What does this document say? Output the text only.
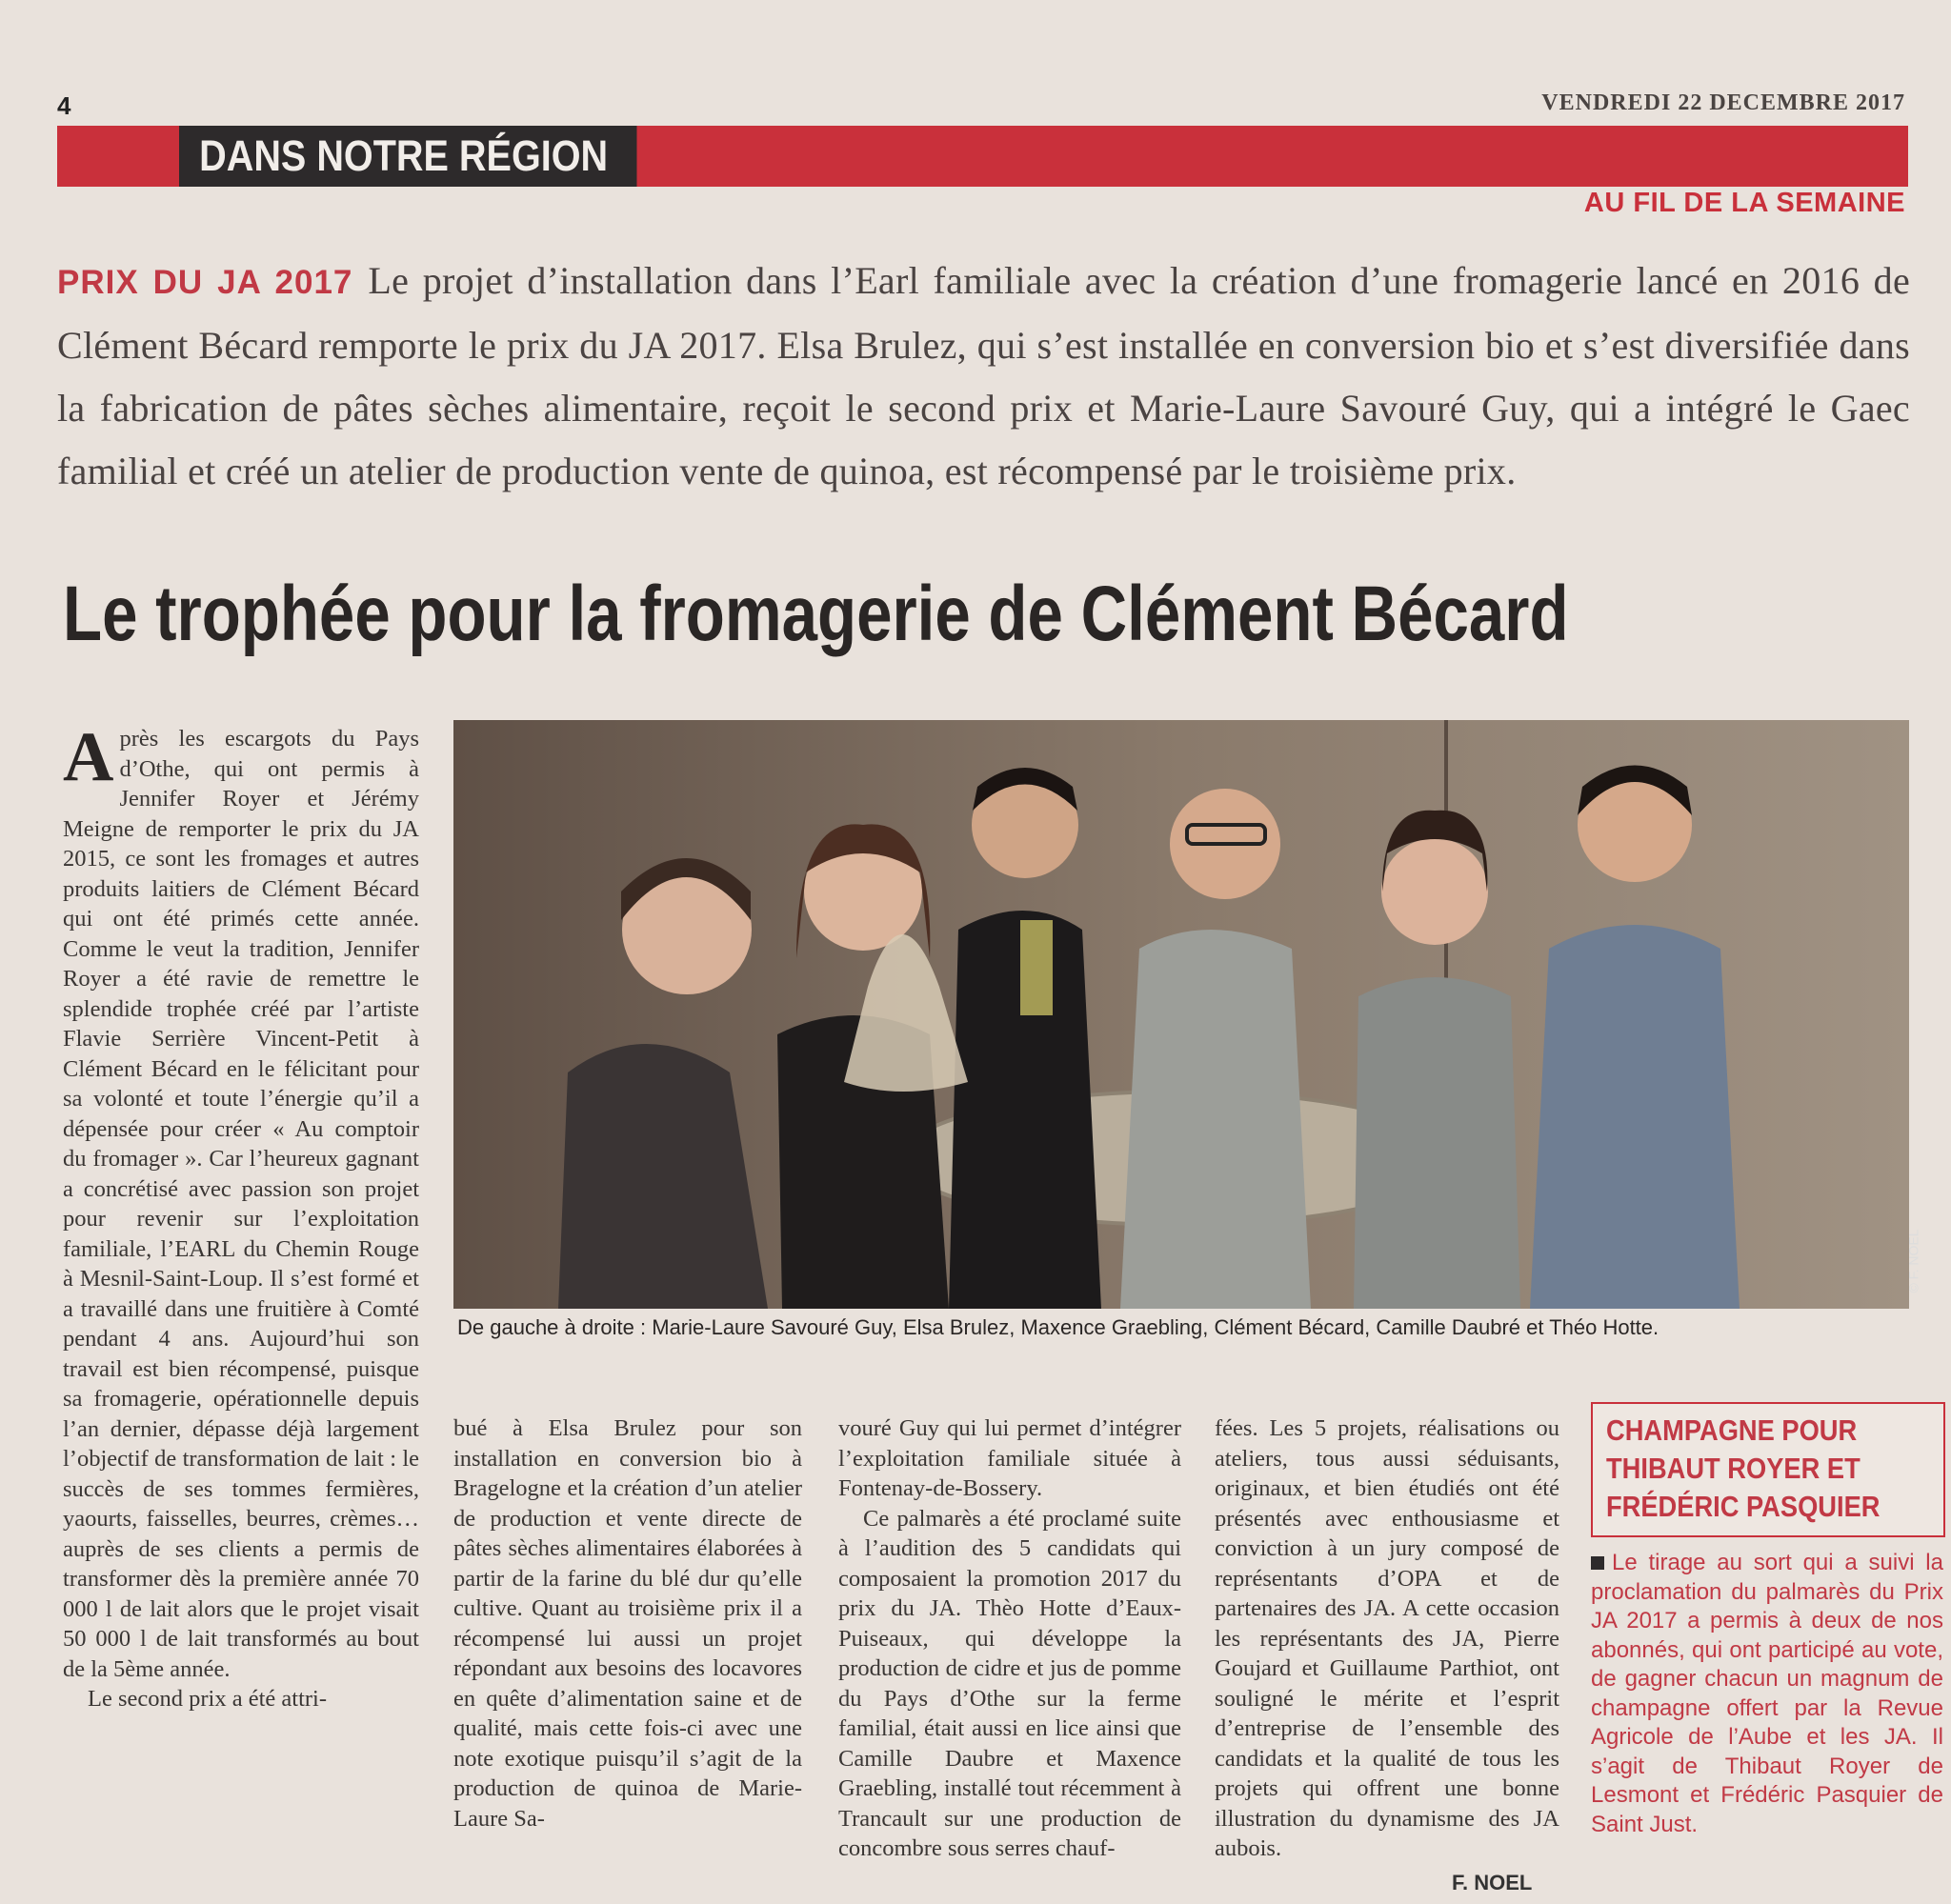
4	VENDREDI 22 DECEMBRE 2017
DANS NOTRE RÉGION
AU FIL DE LA SEMAINE
PRIX DU JA 2017 Le projet d’installation dans l’Earl familiale avec la création d’une fromagerie lancé en 2016 de Clément Bécard remporte le prix du JA 2017. Elsa Brulez, qui s’est installée en conversion bio et s’est diversifiée dans la fabrication de pâtes sèches alimentaire, reçoit le second prix et Marie-Laure Savouré Guy, qui a intégré le Gaec familial et créé un atelier de production vente de quinoa, est récompensé par le troisième prix.
Le trophée pour la fromagerie de Clément Bécard
© F. NOEL
De gauche à droite : Marie-Laure Savouré Guy, Elsa Brulez, Maxence Graebling, Clément Bécard, Camille Daubré et Théo Hotte.
A près les escargots du Pays d’Othe, qui ont permis à Jennifer Royer et Jérémy Meigne de remporter le prix du JA 2015, ce sont les fromages et autres produits laitiers de Clément Bécard qui ont été primés cette année. Comme le veut la tradition, Jennifer Royer a été ravie de remettre le splendide trophée créé par l’artiste Flavie Serrière Vincent-Petit à Clément Bécard en le félicitant pour sa volonté et toute l’énergie qu’il a dépensée pour créer « Au comptoir du fromager ». Car l’heureux gagnant a concrétisé avec passion son projet pour revenir sur l’exploitation familiale, l’EARL du Chemin Rouge à Mesnil-Saint-Loup. Il s’est formé et a travaillé dans une fruitière à Comté pendant 4 ans. Aujourd’hui son travail est bien récompensé, puisque sa fromagerie, opérationnelle depuis l’an dernier, dépasse déjà largement l’objectif de transformation de lait : le succès de ses tommes fermières, yaourts, faisselles, beurres, crèmes… auprès de ses clients a permis de transformer dès la première année 70 000 l de lait alors que le projet visait 50 000 l de lait transformés au bout de la 5ème année.

Le second prix a été attri-

bué à Elsa Brulez pour son installation en conversion bio à Bragelogne et la création d’un atelier de production et vente directe de pâtes sèches alimentaires élaborées à partir de la farine du blé dur qu’elle cultive. Quant au troisième prix il a récompensé lui aussi un projet répondant aux besoins des locavores en quête d’alimentation saine et de qualité, mais cette fois-ci avec une note exotique puisqu’il s’agit de la production de quinoa de Marie-Laure Sa-

vouré Guy qui lui permet d’intégrer l’exploitation familiale située à Fontenay-de-Bossery.

Ce palmarès a été proclamé suite à l’audition des 5 candidats qui composaient la promotion 2017 du prix du JA. Thèo Hotte d’Eaux-Puiseaux, qui développe la production de cidre et jus de pomme du Pays d’Othe sur la ferme familial, était aussi en lice ainsi que Camille Daubre et Maxence Graebling, installé tout récemment à Trancault sur une production de concombre sous serres chauf-

fées. Les 5 projets, réalisations ou ateliers, tous aussi séduisants, originaux, et bien étudiés ont été présentés avec enthousiasme et conviction à un jury composé de représentants d’OPA et de partenaires des JA. A cette occasion les représentants des JA, Pierre Goujard et Guillaume Parthiot, ont souligné le mérite et l’esprit d’entreprise de l’ensemble des candidats et la qualité de tous les projets qui offrent une bonne illustration du dynamisme des JA aubois.

F. NOEL
CHAMPAGNE POUR
THIBAUT ROYER ET
FRÉDÉRIC PASQUIER
Le tirage au sort qui a suivi la proclamation du palmarès du Prix JA 2017 a permis à deux de nos abonnés, qui ont participé au vote, de gagner chacun un magnum de champagne offert par la Revue Agricole de l’Aube et les JA. Il s’agit de Thibaut Royer de Lesmont et Frédéric Pasquier de Saint Just.
